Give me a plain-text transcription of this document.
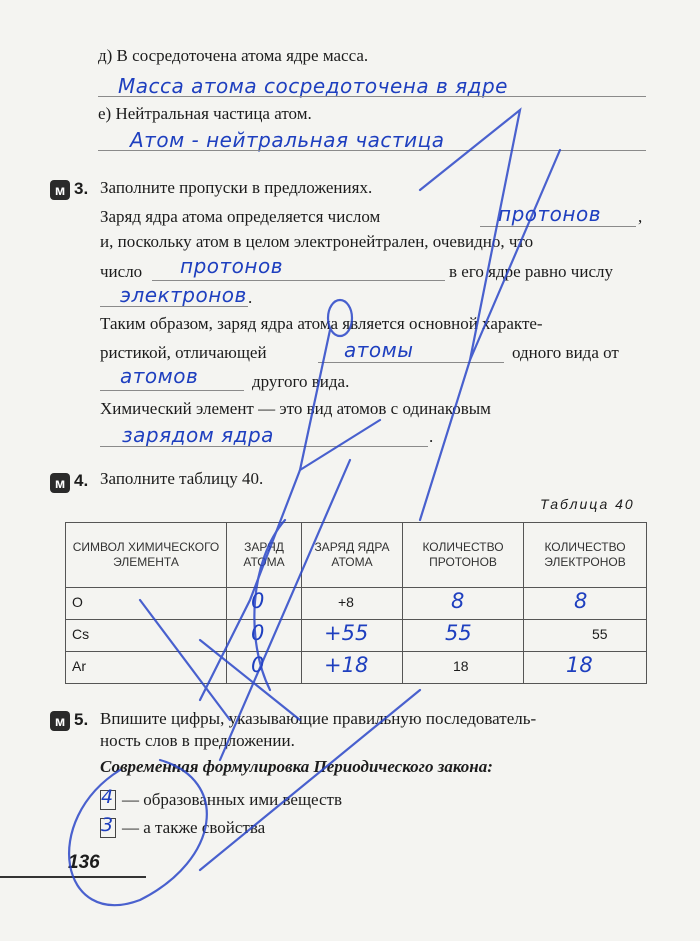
д) В сосредоточена атома ядре масса.
Масса атома сосредоточена в ядре
е) Нейтральная частица атом.
Атом - нейтральная частица
м 3. Заполните пропуски в предложениях.
Заряд ядра атома определяется числом	протонов ,
и, поскольку атом в целом электронейтрален, очевидно, что
число протонов	в его ядре равно числу
электронов .
Таким образом, заряд ядра атома является основной характе-
ристикой, отличающей	атомы	одного вида от
атомов	другого вида.
Химический элемент — это вид атомов с одинаковым
зарядом ядра	.
м 4. Заполните таблицу 40.
Таблица 40
СИМВОЛ ХИМИЧЕСКОГО ЭЛЕМЕНТА	ЗАРЯД АТОМА	ЗАРЯД ЯДРА АТОМА	КОЛИЧЕСТВО ПРОТОНОВ	КОЛИЧЕСТВО ЭЛЕКТРОНОВ

O	0	+8	8	8

Cs	0	+55	55	55

Ar	0	+18	18	18
м 5. Впишите цифры, указывающие правильную последователь-
ность слов в предложении.
Современная формулировка Периодического закона:
4 — образованных ими веществ
3 — а также свойства
136
